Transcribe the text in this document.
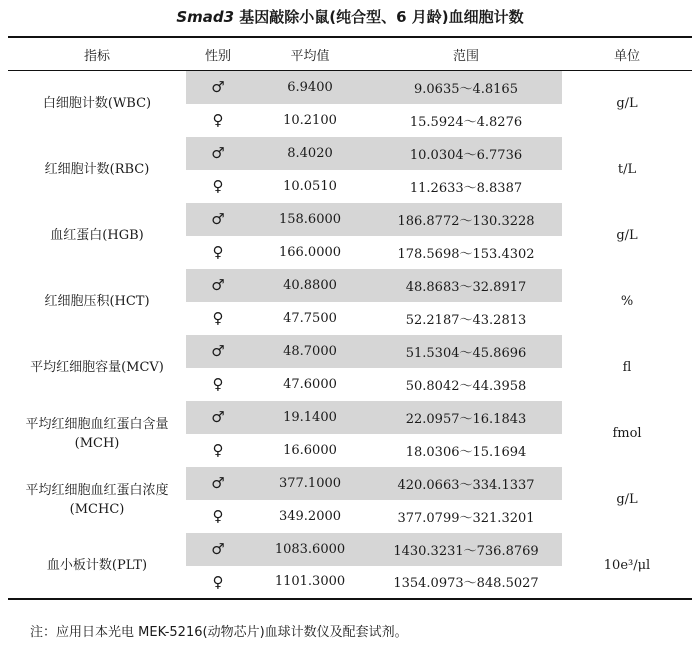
Smad3 基因敲除小鼠(纯合型、6 月龄)血细胞计数
指标	性别	平均值	范围	单位
白细胞计数(WBC)	♂	6.9400	9.0635～4.8165	g/L
	♀	10.2100	15.5924～4.8276	
红细胞计数(RBC)	♂	8.4020	10.0304～6.7736	t/L
	♀	10.0510	11.2633～8.8387	
血红蛋白(HGB)	♂	158.6000	186.8772～130.3228	g/L
	♀	166.0000	178.5698～153.4302	
红细胞压积(HCT)	♂	40.8800	48.8683～32.8917	%
	♀	47.7500	52.2187～43.2813	
平均红细胞容量(MCV)	♂	48.7000	51.5304～45.8696	fl
	♀	47.6000	50.8042～44.3958	
平均红细胞血红蛋白含量(MCH)	♂	19.1400	22.0957～16.1843	fmol
	♀	16.6000	18.0306～15.1694	
平均红细胞血红蛋白浓度(MCHC)	♂	377.1000	420.0663～334.1337	g/L
	♀	349.2000	377.0799～321.3201	
血小板计数(PLT)	♂	1083.6000	1430.3231～736.8769	10e³/μl
	♀	1101.3000	1354.0973～848.5027	
注：应用日本光电 MEK-5216(动物芯片)血球计数仪及配套试剂。
